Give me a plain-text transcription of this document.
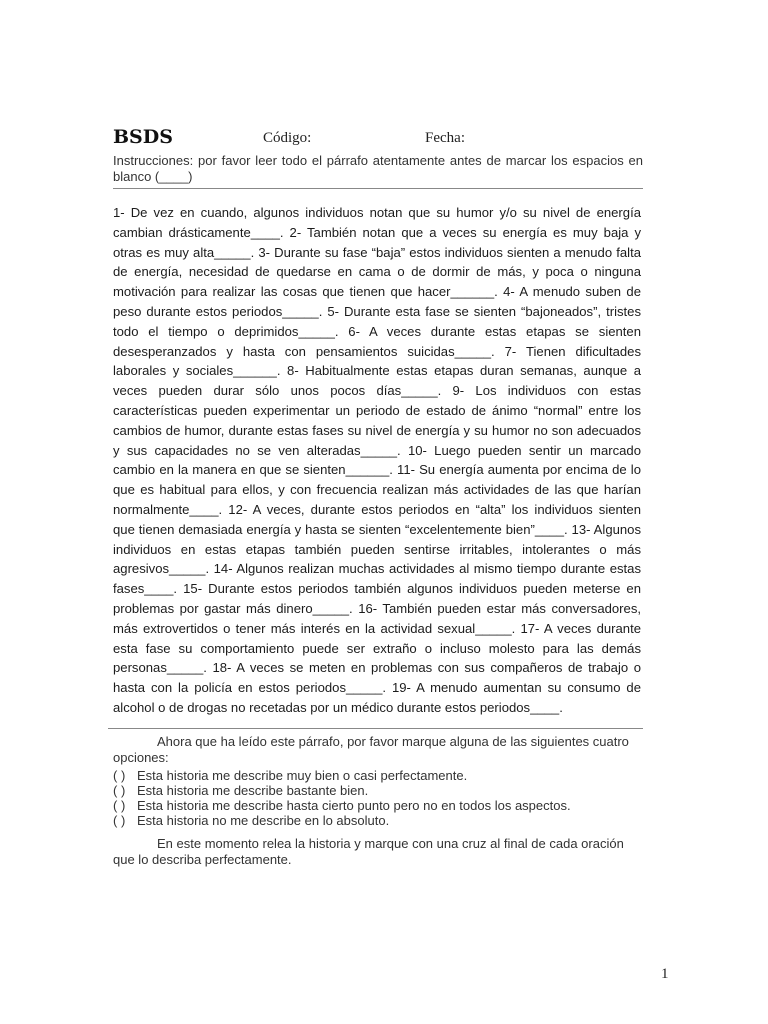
BSDS	Código:	Fecha:
Instrucciones: por favor leer todo el párrafo atentamente antes de marcar los espacios en blanco (____)
1- De vez en cuando, algunos individuos notan que su humor y/o su nivel de energía
cambian drásticamente____. 2- También notan que a veces su energía es muy baja y
otras es muy alta_____. 3- Durante su fase “baja” estos individuos sienten a menudo falta
de energía, necesidad de quedarse en cama o de dormir de más, y poca o ninguna
motivación para realizar las cosas que tienen que hacer______. 4- A menudo suben de
peso durante estos periodos_____. 5- Durante esta fase se sienten “bajoneados”, tristes
todo el tiempo o deprimidos_____. 6- A veces durante estas etapas se sienten
desesperanzados y hasta con pensamientos suicidas_____. 7- Tienen dificultades
laborales y sociales______. 8- Habitualmente estas etapas duran semanas, aunque a
veces pueden durar sólo unos pocos días_____. 9- Los individuos con estas
características pueden experimentar un periodo de estado de ánimo “normal” entre los
cambios de humor, durante estas fases su nivel de energía y su humor no son adecuados
y sus capacidades no se ven alteradas_____. 10- Luego pueden sentir un marcado
cambio en la manera en que se sienten______. 11- Su energía aumenta por encima de lo
que es habitual para ellos, y con frecuencia realizan más actividades de las que harían
normalmente____. 12- A veces, durante estos periodos en “alta” los individuos sienten
que tienen demasiada energía y hasta se sienten “excelentemente bien”____. 13- Algunos
individuos en estas etapas también pueden sentirse irritables, intolerantes o más
agresivos_____. 14- Algunos realizan muchas actividades al mismo tiempo durante estas
fases____. 15- Durante estos periodos también algunos individuos pueden meterse en
problemas por gastar más dinero_____. 16- También pueden estar más conversadores,
más extrovertidos o tener más interés en la actividad sexual_____. 17- A veces durante
esta fase su comportamiento puede ser extraño o incluso molesto para las demás
personas_____. 18- A veces se meten en problemas con sus compañeros de trabajo o
hasta con la policía en estos periodos_____. 19- A menudo aumentan su consumo de
alcohol o de drogas no recetadas por un médico durante estos periodos____.
Ahora que ha leído este párrafo, por favor marque alguna de las siguientes cuatro
opciones:
( ) Esta historia me describe muy bien o casi perfectamente.
( ) Esta historia me describe bastante bien.
( ) Esta historia me describe hasta cierto punto pero no en todos los aspectos.
( ) Esta historia no me describe en lo absoluto.
En este momento relea la historia y marque con una cruz al final de cada oración
que lo describa perfectamente.
1
